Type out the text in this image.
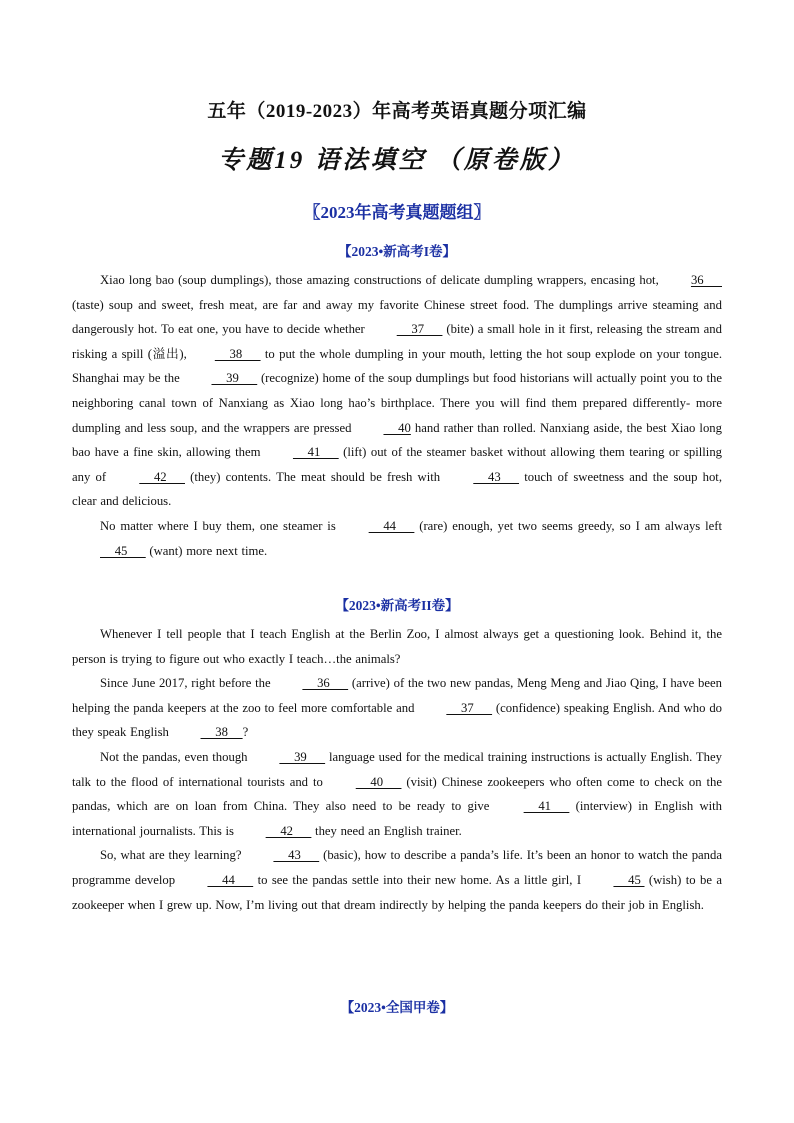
五年（2019-2023）年高考英语真题分项汇编
专题19 语法填空 （原卷版）
〖2023年高考真题题组〗
【2023•新高考I卷】

Xiao long bao (soup dumplings), those amazing constructions of delicate dumpling wrappers, encasing hot, 36      (taste) soup and sweet, fresh meat, are far and away my favorite Chinese street food. The dumplings arrive steaming and dangerously hot. To eat one, you have to decide whether     37      (bite) a small hole in it first, releasing the stream and risking a spill (溢出),    38      to put the whole dumpling in your mouth, letting the hot soup explode on your tongue. Shanghai may be the     39      (recognize) home of the soup dumplings but food historians will actually point you to the neighboring canal town of Nanxiang as Xiao long hao’s birthplace. There you will find them prepared differently- more dumpling and less soup, and the wrappers are pressed     40 hand rather than rolled. Nanxiang aside, the best Xiao long bao have a fine skin, allowing them     41      (lift) out of the steamer basket without allowing them tearing or spilling any of     42      (they) contents. The meat should be fresh with     43      touch of sweetness and the soup hot, clear and delicious.

No matter where I buy them, one steamer is     44      (rare) enough, yet two seems greedy, so I am always left     45      (want) more next time.

【2023•新高考II卷】

Whenever I tell people that I teach English at the Berlin Zoo, I almost always get a questioning look. Behind it, the person is trying to figure out who exactly I teach…the animals?

Since June 2017, right before the     36      (arrive) of the two new pandas, Meng Meng and Jiao Qing, I have been helping the panda keepers at the zoo to feel more comfortable and     37      (confidence) speaking English. And who do they speak English     38    ?

Not the pandas, even though     39      language used for the medical training instructions is actually English. They talk to the flood of international tourists and to     40      (visit) Chinese zookeepers who often come to check on the pandas, which are on loan from China. They also need to be ready to give     41      (interview) in English with international journalists. This is     42      they need an English trainer.

So, what are they learning?     43      (basic), how to describe a panda’s life. It’s been an honor to watch the panda programme develop     44      to see the pandas settle into their new home. As a little girl, I     45  (wish) to be a zookeeper when I grew up. Now, I’m living out that dream indirectly by helping the panda keepers do their job in English.

【2023•全国甲卷】
